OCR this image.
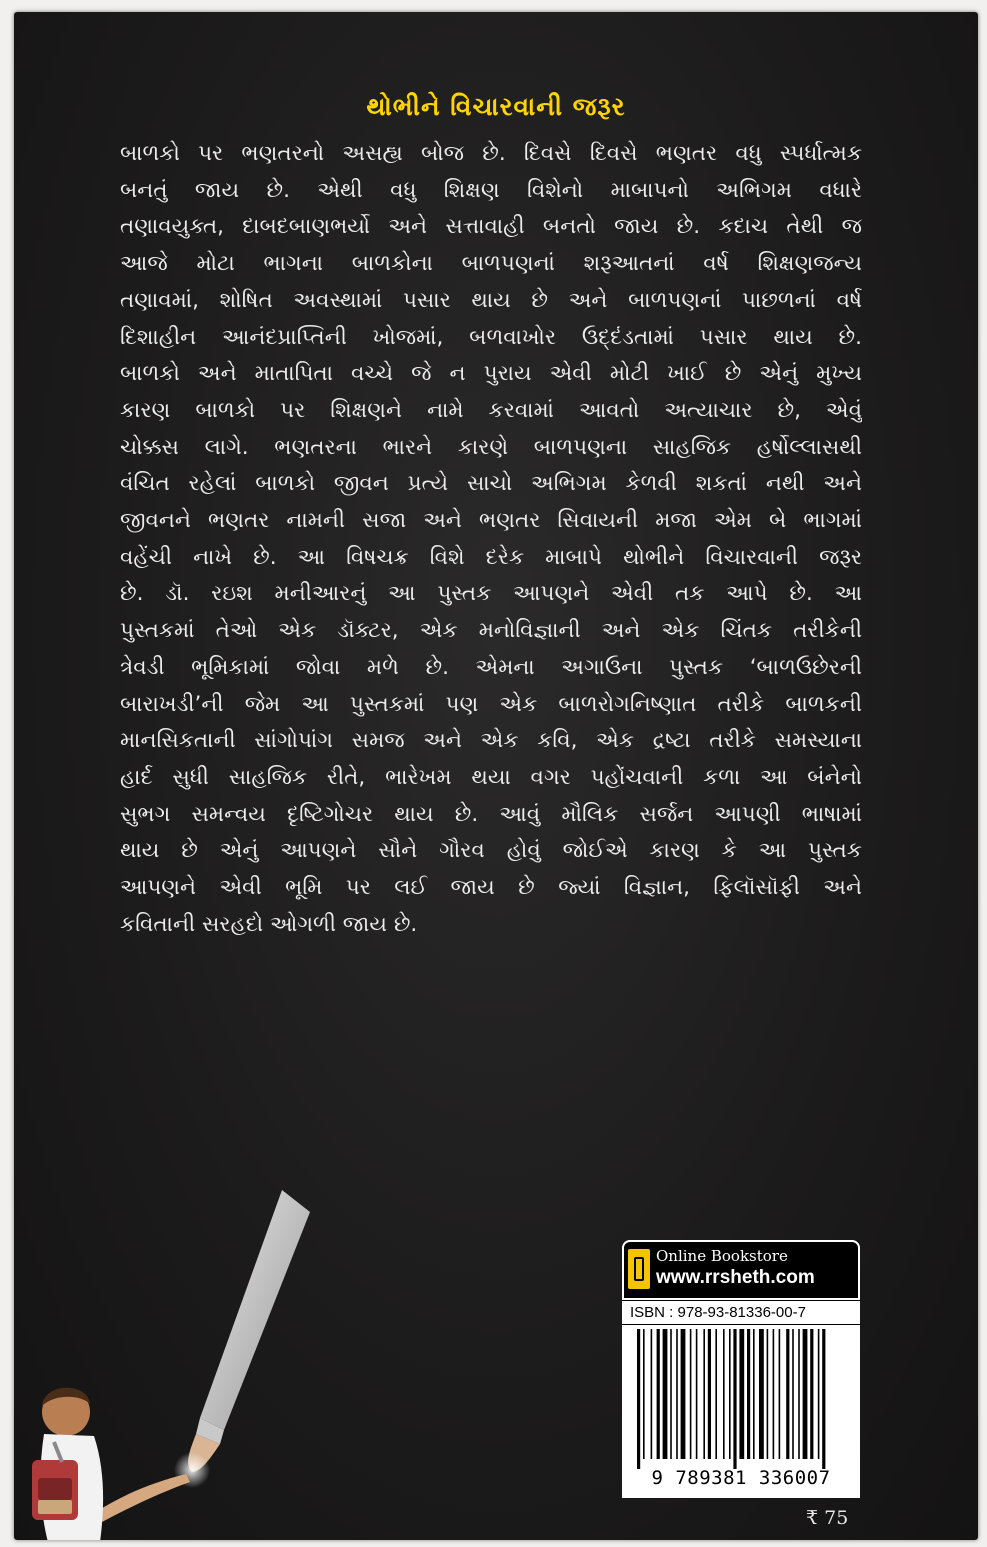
થોભીને વિચારવાની જરૂર
બાળકો પર ભણતરનો અસહ્ય બોજ છે. દિવસે દિવસે ભણતર વધુ સ્પર્ધાત્મક
બનતું જાય છે. એથી વધુ શિક્ષણ વિશેનો માબાપનો અભિગમ વધારે
તણાવયુક્ત, દાબદબાણભર્યો અને સત્તાવાહી બનતો જાય છે. કદાચ તેથી જ
આજે મોટા ભાગના બાળકોના બાળપણનાં શરૂઆતનાં વર્ષ શિક્ષણજન્ય
તણાવમાં, શોષિત અવસ્થામાં પસાર થાય છે અને બાળપણનાં પાછળનાં વર્ષ
દિશાહીન આનંદપ્રાપ્તિની ખોજમાં, બળવાખોર ઉદ્દંડતામાં પસાર થાય છે.
બાળકો અને માતાપિતા વચ્ચે જે ન પુરાય એવી મોટી ખાઈ છે એનું મુખ્ય
કારણ બાળકો પર શિક્ષણને નામે કરવામાં આવતો અત્યાચાર છે, એવું
ચોક્કસ લાગે. ભણતરના ભારને કારણે બાળપણના સાહજિક હર્ષોલ્લાસથી
વંચિત રહેલાં બાળકો જીવન પ્રત્યે સાચો અભિગમ કેળવી શકતાં નથી અને
જીવનને ભણતર નામની સજા અને ભણતર સિવાયની મજા એમ બે ભાગમાં
વહેંચી નાખે છે. આ વિષચક્ર વિશે દરેક માબાપે થોભીને વિચારવાની જરૂર
છે. ડૉ. રઇશ મનીઆરનું આ પુસ્તક આપણને એવી તક આપે છે. આ
પુસ્તકમાં તેઓ એક ડૉક્ટર, એક મનોવિજ્ઞાની અને એક ચિંતક તરીકેની
ત્રેવડી ભૂમિકામાં જોવા મળે છે. એમના અગાઉના પુસ્તક ‘બાળઉછેરની
બારાખડી’ની જેમ આ પુસ્તકમાં પણ એક બાળરોગનિષ્ણાત તરીકે બાળકની
માનસિકતાની સાંગોપાંગ સમજ અને એક કવિ, એક દ્રષ્ટા તરીકે સમસ્યાના
હાર્દ સુધી સાહજિક રીતે, ભારેખમ થયા વગર પહોંચવાની કળા આ બંનેનો
સુભગ સમન્વય દૃષ્ટિગોચર થાય છે. આવું મૌલિક સર્જન આપણી ભાષામાં
થાય છે એનું આપણને સૌને ગૌરવ હોવું જોઈએ કારણ કે આ પુસ્તક
આપણને એવી ભૂમિ પર લઈ જાય છે જ્યાં વિજ્ઞાન, ફિલૉસૉફી અને
કવિતાની સરહદો ઓગળી જાય છે.
Online Bookstore
www.rrsheth.com
ISBN : 978-93-81336-00-7
9 789381 336007
₹ 75
